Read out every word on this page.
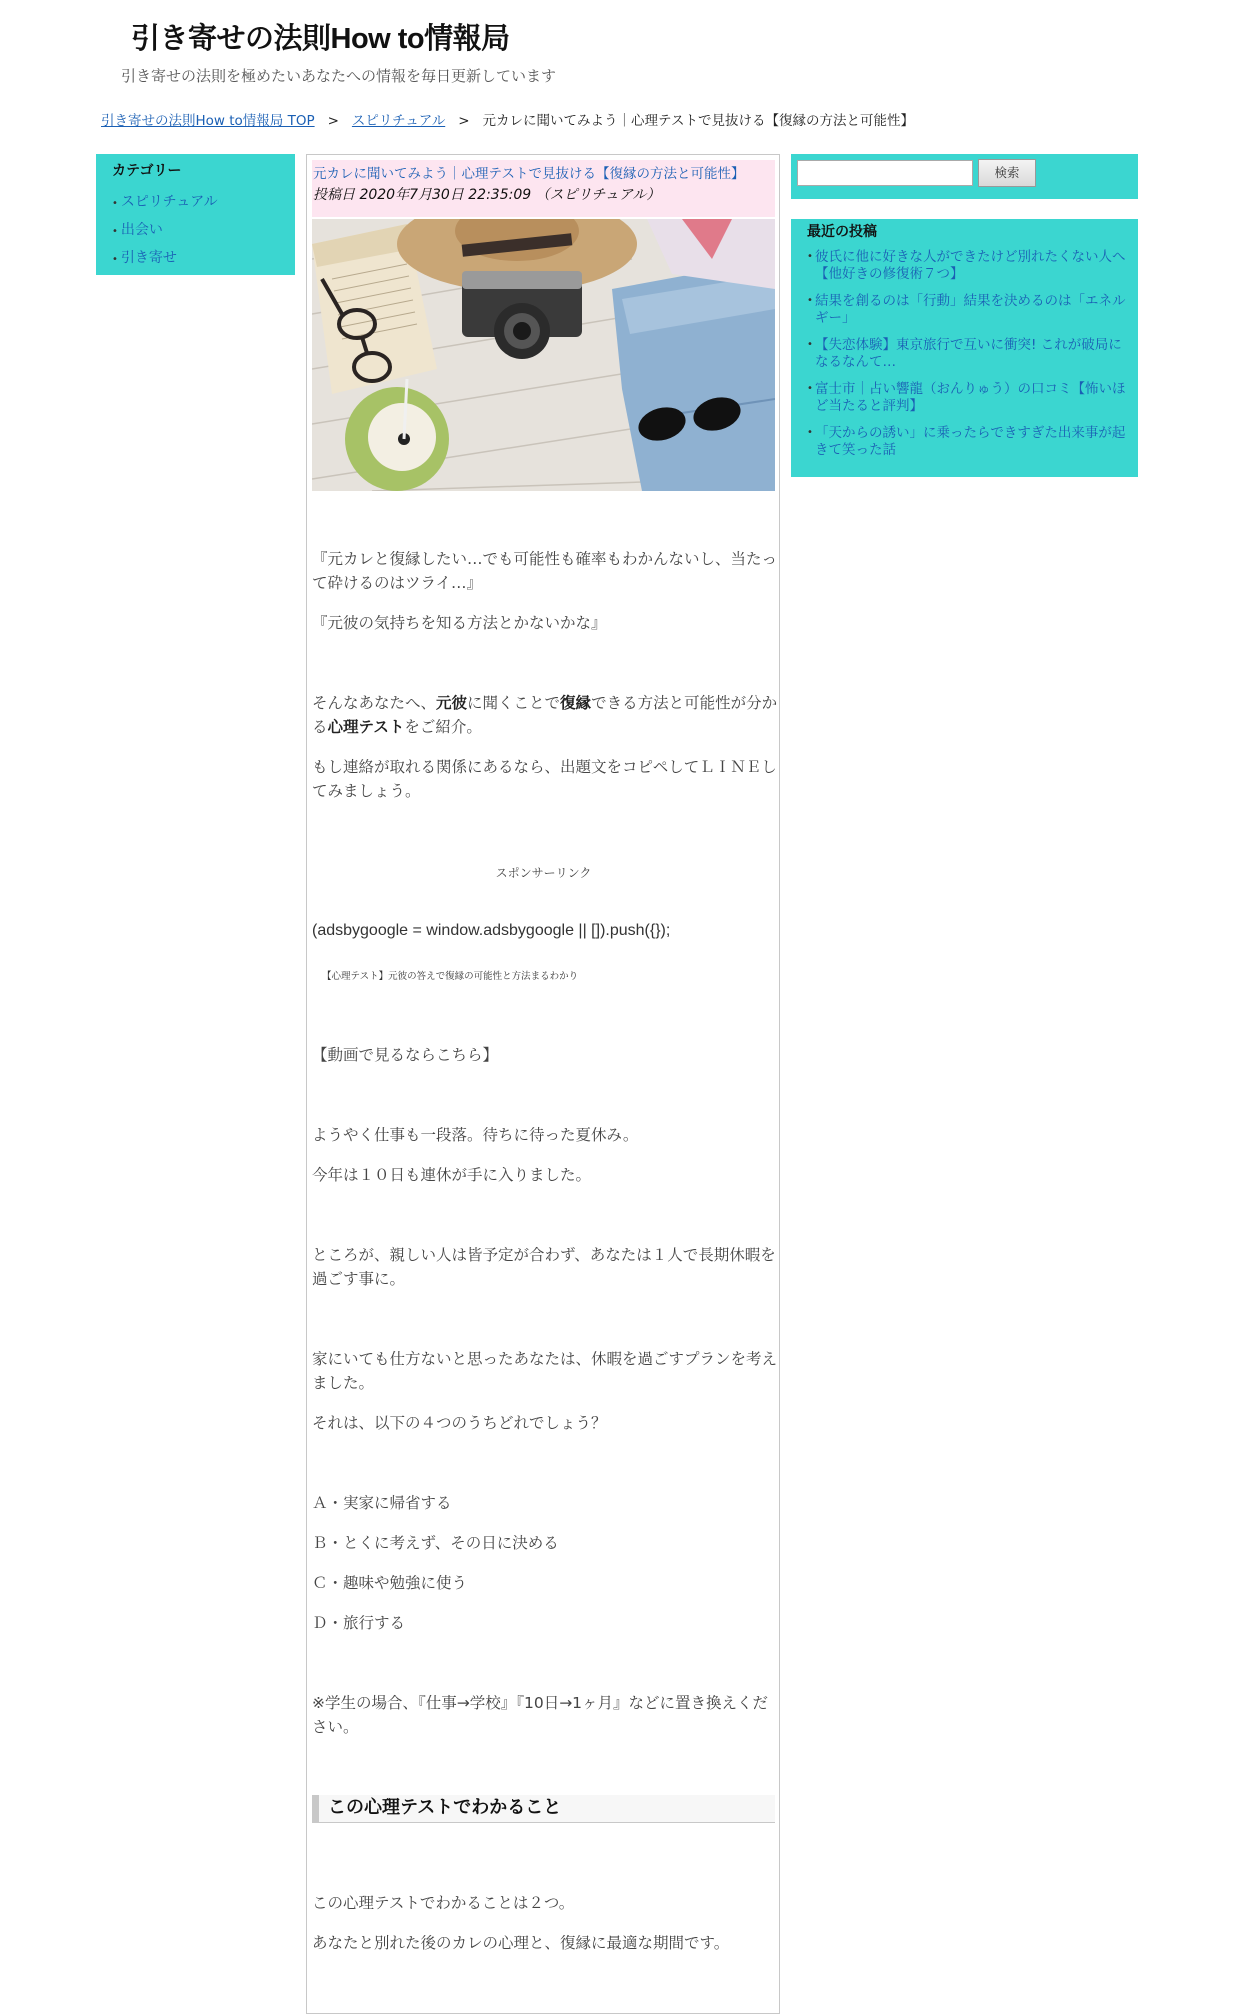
引き寄せの法則How to情報局
引き寄せの法則を極めたいあなたへの情報を毎日更新しています
引き寄せの法則How to情報局 TOP > スピリチュアル > 元カレに聞いてみよう｜心理テストで見抜ける【復縁の方法と可能性】
カテゴリー
• スピリチュアル
• 出会い
• 引き寄せ
元カレに聞いてみよう｜心理テストで見抜ける【復縁の方法と可能性】
投稿日 2020年7月30日 22:35:09 （スピリチュアル）

『元カレと復縁したい…でも可能性も確率もわかんないし、当たって砕けるのはツライ…』

『元彼の気持ちを知る方法とかないかな』

そんなあなたへ、元彼に聞くことで復縁できる方法と可能性が分かる心理テストをご紹介。

もし連絡が取れる関係にあるなら、出題文をコピペしてＬＩＮＥしてみましょう。

スポンサーリンク
(adsbygoogle = window.adsbygoogle || []).push({});
【心理テスト】元彼の答えで復縁の可能性と方法まるわかり

【動画で見るならこちら】

ようやく仕事も一段落。待ちに待った夏休み。

今年は１０日も連休が手に入りました。

ところが、親しい人は皆予定が合わず、あなたは１人で長期休暇を過ごす事に。

家にいても仕方ないと思ったあなたは、休暇を過ごすプランを考えました。

それは、以下の４つのうちどれでしょう？

Ａ・実家に帰省する

Ｂ・とくに考えず、その日に決める

Ｃ・趣味や勉強に使う

Ｄ・旅行する

※学生の場合、『仕事→学校』『10日→1ヶ月』などに置き換えください。

この心理テストでわかることは２つ。

あなたと別れた後のカレの心理と、復縁に最適な期間です。

この心理テストでわかること
検索
最近の投稿
• 彼氏に他に好きな人ができたけど別れたくない人へ【他好きの修復術７つ】
• 結果を創るのは「行動」結果を決めるのは「エネルギー」
• 【失恋体験】東京旅行で互いに衝突! これが破局になるなんて…
• 富士市｜占い響龍（おんりゅう）の口コミ【怖いほど当たると評判】
• 「天からの誘い」に乗ったらできすぎた出来事が起きて笑った話
